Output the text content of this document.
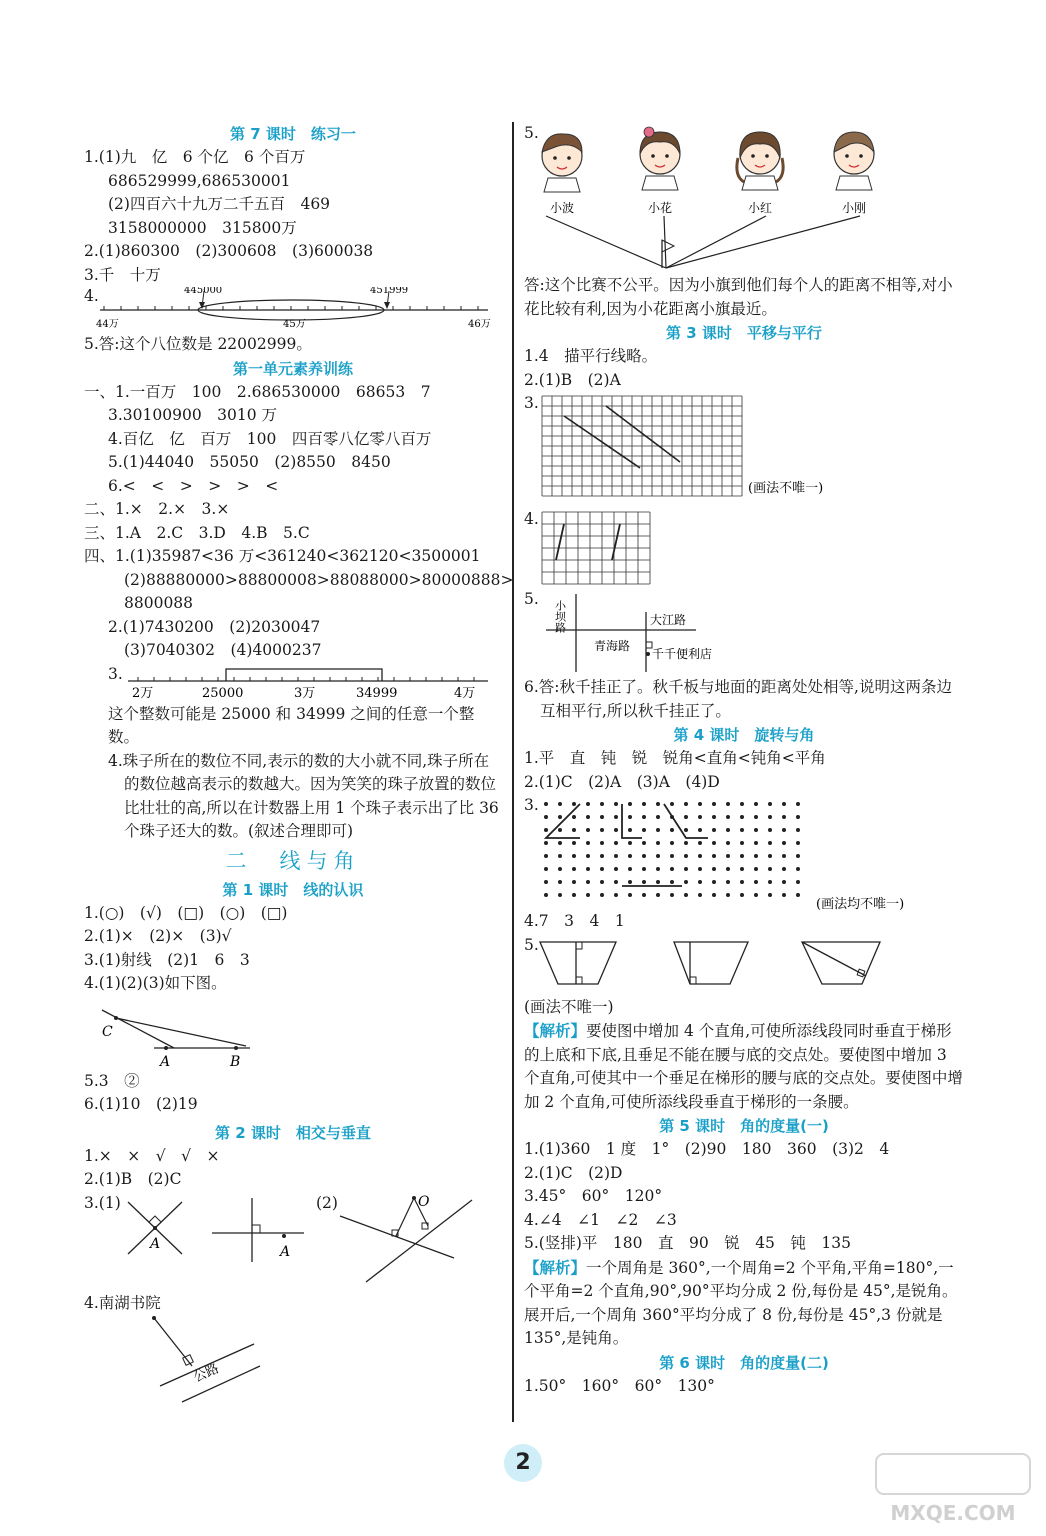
第 7 课时　练习一
1.(1)九　亿　6 个亿　6 个百万
686529999,686530001
(2)四百六十九万二千五百　469
3158000000　315800万
2.(1)860300　(2)300608　(3)600038
3.千　十万
4.	445000	451999
44万	45万	46万
5.答:这个八位数是 22002999。
第一单元素养训练
一、1.一百万　100　2.686530000　68653　7
3.30100900　3010 万
4.百亿　亿　百万　100　四百零八亿零八百万
5.(1)44040　55050　(2)8550　8450
6.<　<　>　>　>　<
二、1.×　2.×　3.×
三、1.A　2.C　3.D　4.B　5.C
四、1.(1)35987<36 万<361240<362120<3500001
(2)88880000>88800008>88088000>80000888>
8800088
2.(1)7430200　(2)2030047
(3)7040302　(4)4000237
3.
2万	25000	3万	34999	4万
这个整数可能是 25000 和 34999 之间的任意一个整数。
4.珠子所在的数位不同,表示的数的大小就不同,珠子所在的数位越高表示的数越大。因为笑笑的珠子放置的数位比壮壮的高,所以在计数器上用 1 个珠子表示出了比 36 个珠子还大的数。(叙述合理即可)
二　线与角
第 1 课时　线的认识
1.(○)　(√)　(□)　(○)　(□)
2.(1)×　(2)×　(3)√
3.(1)射线　(2)1　6　3
4.(1)(2)(3)如下图。
C
A	B
5.3　②
6.(1)10　(2)19
第 2 课时　相交与垂直
1.×　×　√　√　×
2.(1)B　(2)C
3.(1)	(2)
A	A
O
4.南湖书院
公路
5.
小波	小花	小红	小刚
答:这个比赛不公平。因为小旗到他们每个人的距离不相等,对小花比较有利,因为小花距离小旗最近。
第 3 课时　平移与平行
1.4　描平行线略。
2.(1)B　(2)A
3.
(画法不唯一)
4.
5.
小坝路	大江路
青海路
千千便利店
6.答:秋千挂正了。秋千板与地面的距离处处相等,说明这两条边互相平行,所以秋千挂正了。
第 4 课时　旋转与角
1.平　直　钝　锐　锐角<直角<钝角<平角
2.(1)C　(2)A　(3)A　(4)D
3.
(画法均不唯一)
4.7　3　4　1
5.
(画法不唯一)
【解析】要使图中增加 4 个直角,可使所添线段同时垂直于梯形的上底和下底,且垂足不能在腰与底的交点处。要使图中增加 3 个直角,可使其中一个垂足在梯形的腰与底的交点处。要使图中增加 2 个直角,可使所添线段垂直于梯形的一条腰。
第 5 课时　角的度量(一)
1.(1)360　1 度　1°　(2)90　180　360　(3)2　4
2.(1)C　(2)D
3.45°　60°　120°
4.∠4　∠1　∠2　∠3
5.(竖排)平　180　直　90　锐　45　钝　135
【解析】一个周角是 360°,一个周角=2 个平角,平角=180°,一个平角=2 个直角,90°,90°平均分成 2 份,每份是 45°,是锐角。展开后,一个周角 360°平均分成了 8 份,每份是 45°,3 份就是 135°,是钝角。
第 6 课时　角的度量(二)
1.50°　160°　60°　130°
2
MXQE.COM
